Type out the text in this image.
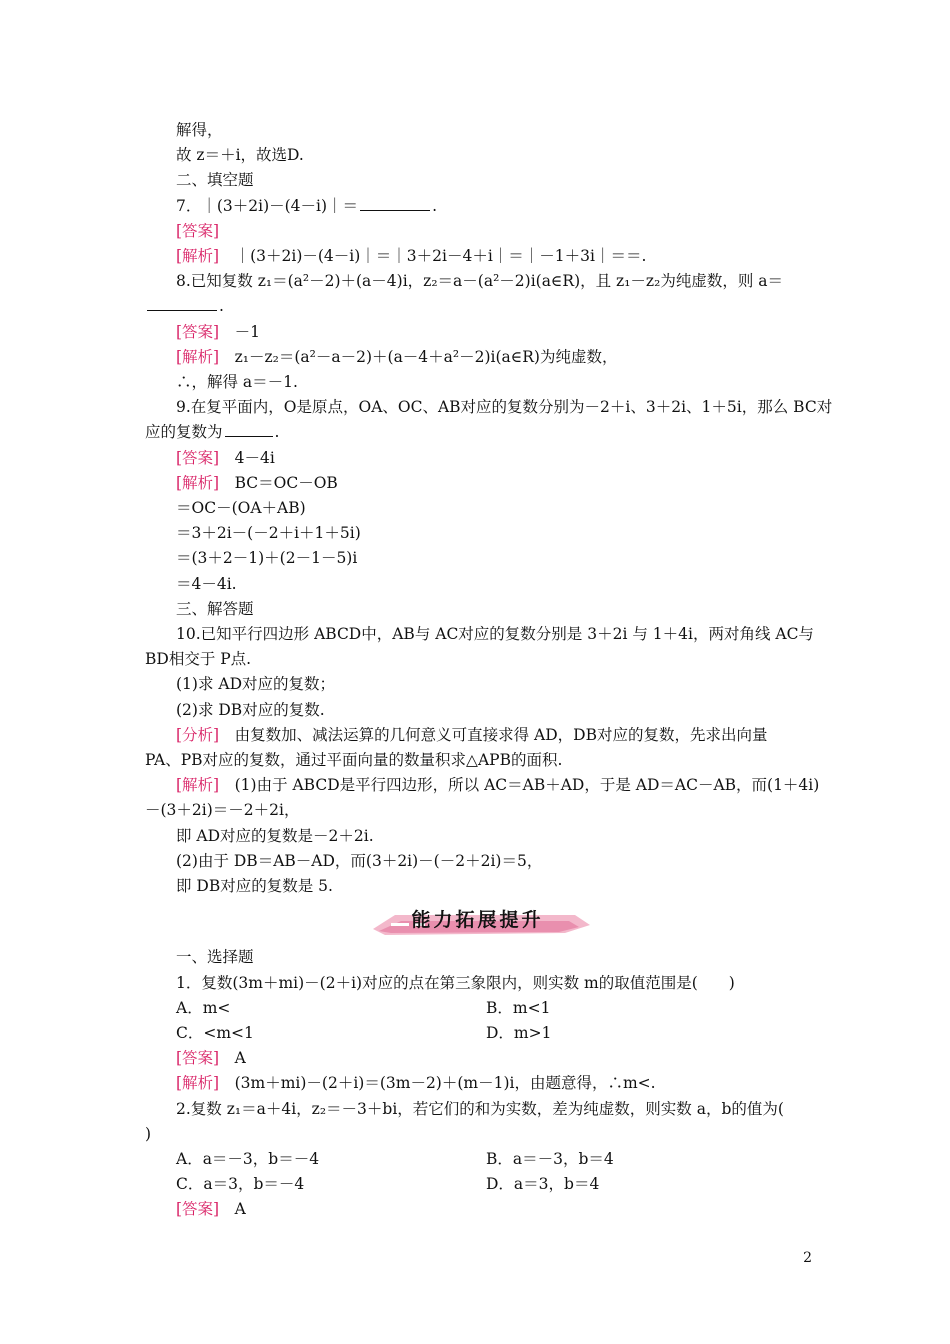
解得，
故 z＝＋i，故选D.
二、填空题
7．｜(3＋2i)－(4－i)｜＝	.
[答案]
[解析]　｜(3＋2i)－(4－i)｜＝｜3＋2i－4＋i｜＝｜－1＋3i｜＝＝.
8.已知复数 z₁＝(a²－2)＋(a－4)i，z₂＝a－(a²－2)i(a∈R)，且 z₁－z₂为纯虚数，则 a＝
.
[答案]　－1
[解析]　z₁－z₂＝(a²－a－2)＋(a－4＋a²－2)i(a∈R)为纯虚数，
∴，解得 a＝－1.
9.在复平面内，O是原点，OA、OC、AB对应的复数分别为－2＋i、3＋2i、1＋5i，那么 BC对
应的复数为	.
[答案]　4－4i
[解析]　BC＝OC－OB
＝OC－(OA＋AB)
＝3＋2i－(－2＋i＋1＋5i)
＝(3＋2－1)＋(2－1－5)i
＝4－4i.
三、解答题
10.已知平行四边形 ABCD中，AB与 AC对应的复数分别是 3＋2i 与 1＋4i，两对角线 AC与
BD相交于 P点.
(1)求 AD对应的复数；
(2)求 DB对应的复数.
[分析]　由复数加、减法运算的几何意义可直接求得 AD，DB对应的复数，先求出向量
PA、PB对应的复数，通过平面向量的数量积求△APB的面积.
[解析]　(1)由于 ABCD是平行四边形，所以 AC＝AB＋AD，于是 AD＝AC－AB，而(1＋4i)
－(3＋2i)＝－2＋2i，
即 AD对应的复数是－2＋2i.
(2)由于 DB＝AB－AD，而(3＋2i)－(－2＋2i)＝5，
即 DB对应的复数是 5.
能力拓展提升
一、选择题
1．复数(3m＋mi)－(2＋i)对应的点在第三象限内，则实数 m的取值范围是(　　)
A．m<	B．m<1
C．<m<1	D．m>1
[答案]　A
[解析]　(3m＋mi)－(2＋i)＝(3m－2)＋(m－1)i，由题意得，∴m<.
2.复数 z₁＝a＋4i，z₂＝－3＋bi，若它们的和为实数，差为纯虚数，则实数 a，b的值为(
)
A．a＝－3，b＝－4	B．a＝－3，b＝4
C．a＝3，b＝－4	D．a＝3，b＝4
[答案]　A
2
